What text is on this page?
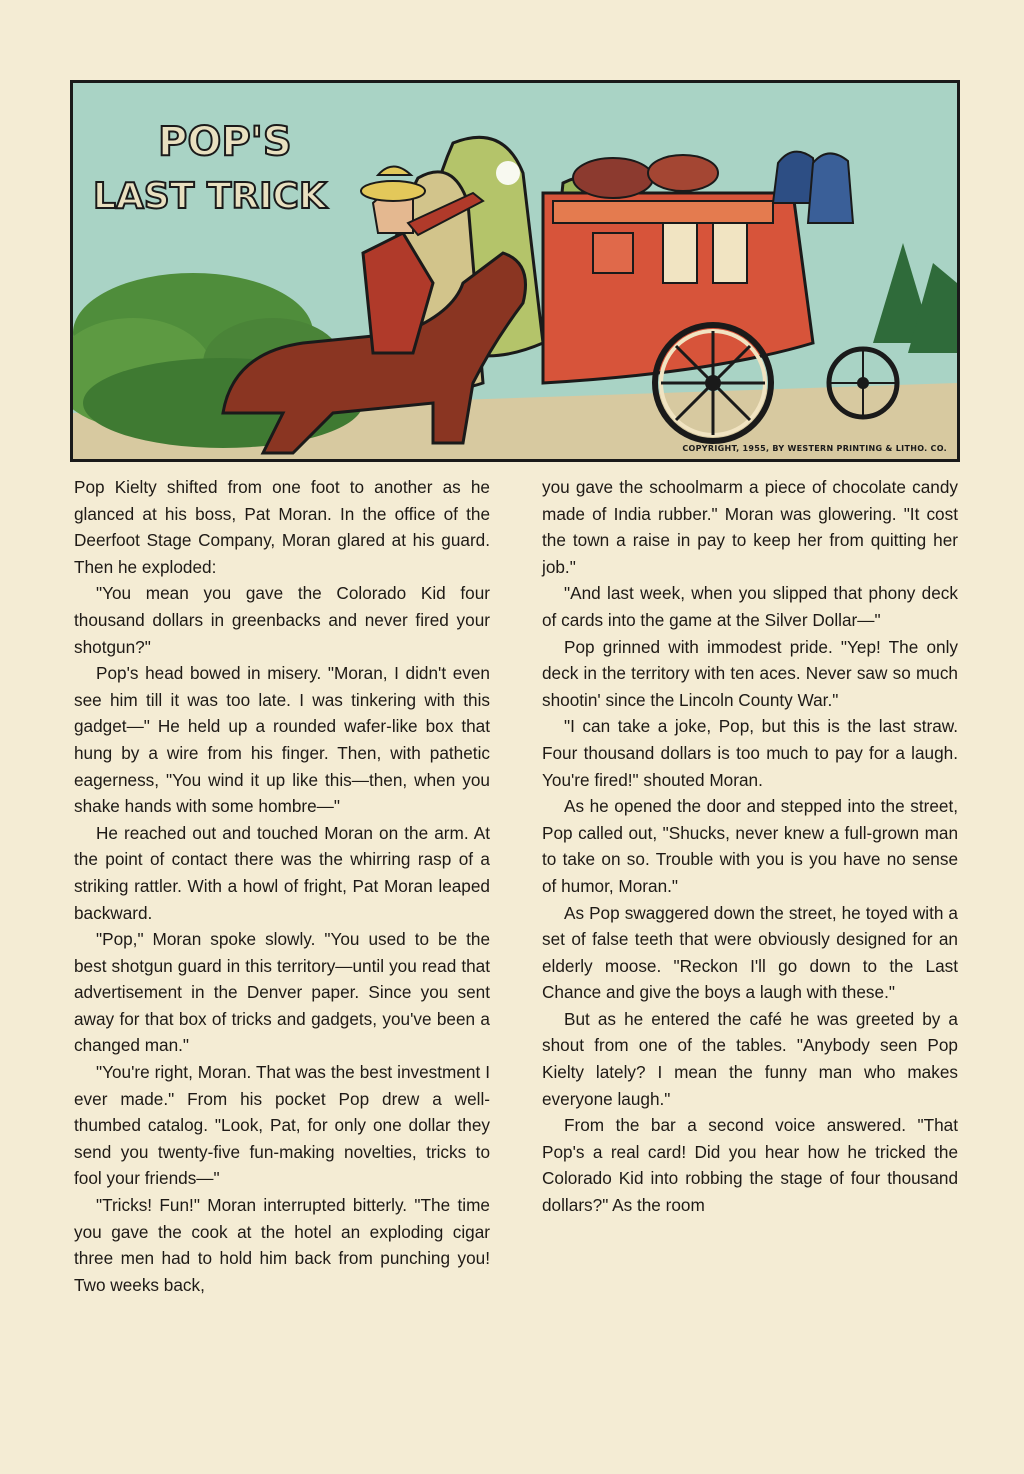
POP'S
LAST TRICK
COPYRIGHT, 1955, BY WESTERN PRINTING & LITHO. CO.

Pop Kielty shifted from one foot to another as he glanced at his boss, Pat Moran. In the office of the Deerfoot Stage Company, Moran glared at his guard. Then he exploded:

"You mean you gave the Colorado Kid four thousand dollars in greenbacks and never fired your shotgun?"

Pop's head bowed in misery. "Moran, I didn't even see him till it was too late. I was tinkering with this gadget—" He held up a rounded wafer-like box that hung by a wire from his finger. Then, with pathetic eagerness, "You wind it up like this—then, when you shake hands with some hombre—"

He reached out and touched Moran on the arm. At the point of contact there was the whirring rasp of a striking rattler. With a howl of fright, Pat Moran leaped backward.

"Pop," Moran spoke slowly. "You used to be the best shotgun guard in this territory—until you read that advertisement in the Denver paper. Since you sent away for that box of tricks and gadgets, you've been a changed man."

"You're right, Moran. That was the best investment I ever made." From his pocket Pop drew a well-thumbed catalog. "Look, Pat, for only one dollar they send you twenty-five fun-making novelties, tricks to fool your friends—"

"Tricks! Fun!" Moran interrupted bitterly. "The time you gave the cook at the hotel an exploding cigar three men had to hold him back from punching you! Two weeks back,

you gave the schoolmarm a piece of chocolate candy made of India rubber." Moran was glowering. "It cost the town a raise in pay to keep her from quitting her job."

"And last week, when you slipped that phony deck of cards into the game at the Silver Dollar—"

Pop grinned with immodest pride. "Yep! The only deck in the territory with ten aces. Never saw so much shootin' since the Lincoln County War."

"I can take a joke, Pop, but this is the last straw. Four thousand dollars is too much to pay for a laugh. You're fired!" shouted Moran.

As he opened the door and stepped into the street, Pop called out, "Shucks, never knew a full-grown man to take on so. Trouble with you is you have no sense of humor, Moran."

As Pop swaggered down the street, he toyed with a set of false teeth that were obviously designed for an elderly moose. "Reckon I'll go down to the Last Chance and give the boys a laugh with these."

But as he entered the café he was greeted by a shout from one of the tables. "Anybody seen Pop Kielty lately? I mean the funny man who makes everyone laugh."

From the bar a second voice answered. "That Pop's a real card! Did you hear how he tricked the Colorado Kid into robbing the stage of four thousand dollars?" As the room
